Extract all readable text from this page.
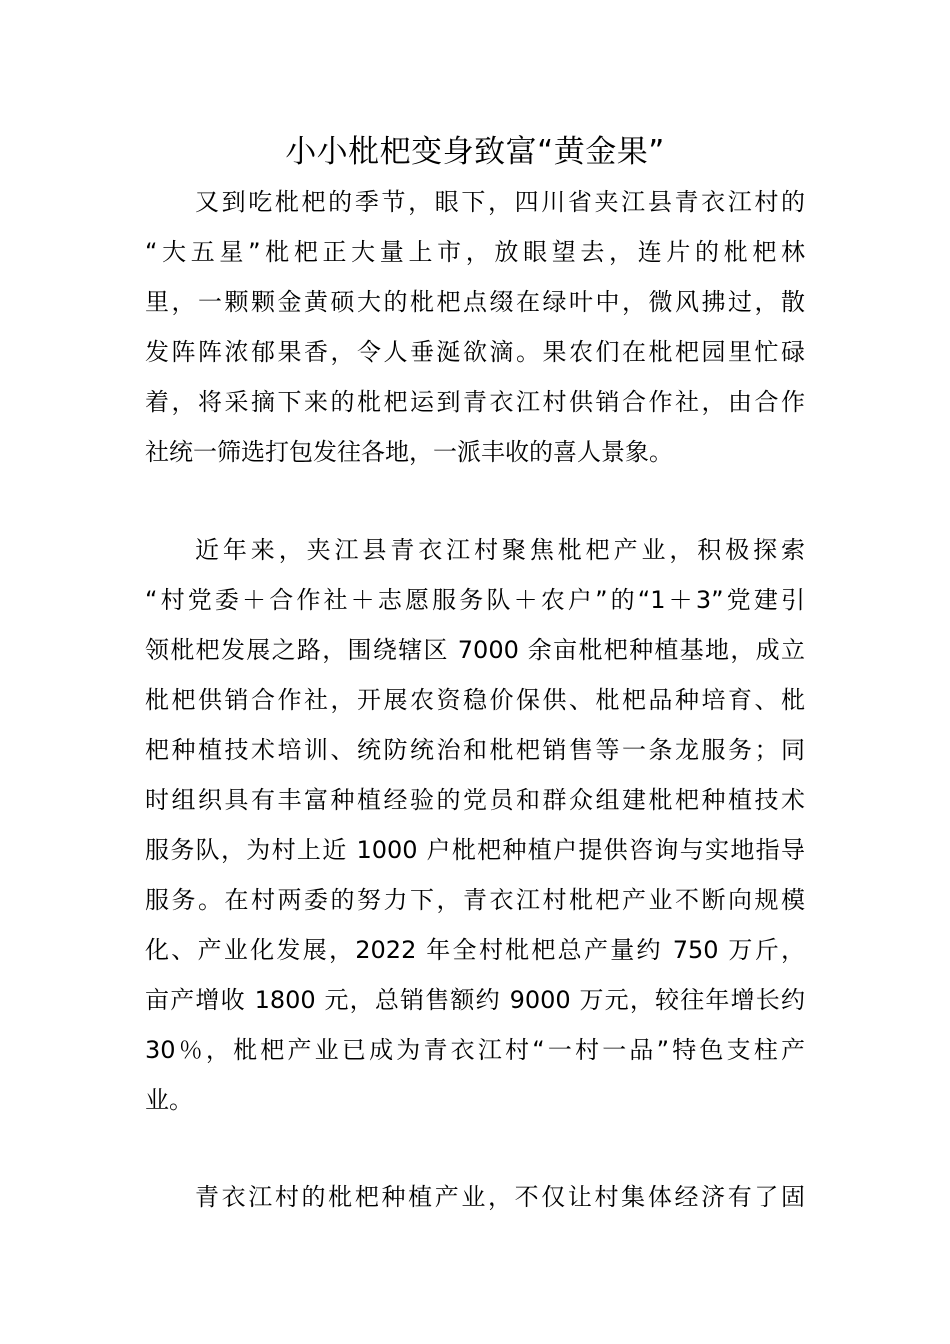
小小枇杷变身致富“黄金果”
又到吃枇杷的季节，眼下，四川省夹江县青衣江村的
“大五星”枇杷正大量上市，放眼望去，连片的枇杷林
里，一颗颗金黄硕大的枇杷点缀在绿叶中，微风拂过，散
发阵阵浓郁果香，令人垂涎欲滴。果农们在枇杷园里忙碌
着，将采摘下来的枇杷运到青衣江村供销合作社，由合作
社统一筛选打包发往各地，一派丰收的喜人景象。
近年来，夹江县青衣江村聚焦枇杷产业，积极探索
“村党委＋合作社＋志愿服务队＋农户”的“1＋3”党建引
领枇杷发展之路，围绕辖区 7000 余亩枇杷种植基地，成立
枇杷供销合作社，开展农资稳价保供、枇杷品种培育、枇
杷种植技术培训、统防统治和枇杷销售等一条龙服务；同
时组织具有丰富种植经验的党员和群众组建枇杷种植技术
服务队，为村上近 1000 户枇杷种植户提供咨询与实地指导
服务。在村两委的努力下，青衣江村枇杷产业不断向规模
化、产业化发展，2022 年全村枇杷总产量约 750 万斤，
亩产增收 1800 元，总销售额约 9000 万元，较往年增长约
30％，枇杷产业已成为青衣江村“一村一品”特色支柱产
业。
青衣江村的枇杷种植产业，不仅让村集体经济有了固
